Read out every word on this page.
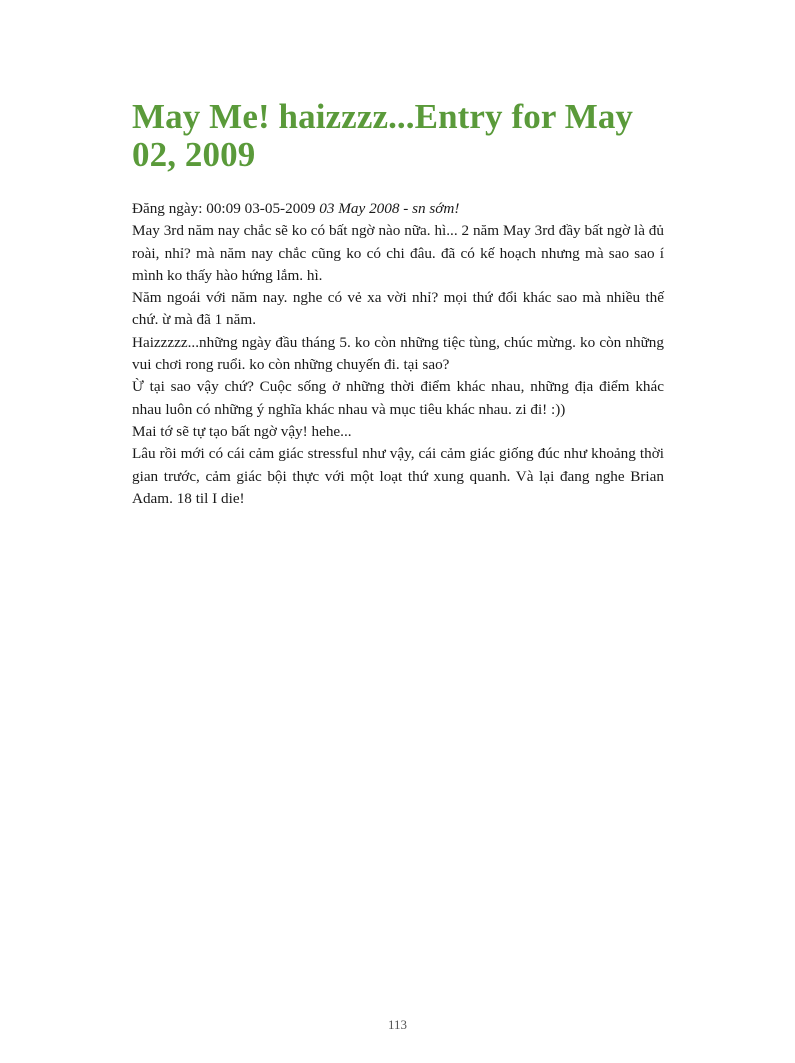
May Me! haizzzz...Entry for May 02, 2009

Đăng ngày: 00:09 03-05-2009 03 May 2008 - sn sớm!

May 3rd năm nay chắc sẽ ko có bất ngờ nào nữa. hì... 2 năm May 3rd đầy bất ngờ là đủ roài, nhỉ? mà năm nay chắc cũng ko có chi đâu. đã có kế hoạch nhưng mà sao sao í mình ko thấy hào hứng lắm. hì.

Năm ngoái với năm nay. nghe có vẻ xa vời nhỉ? mọi thứ đổi khác sao mà nhiều thế chứ. ừ mà đã 1 năm.

Haizzzzz...những ngày đầu tháng 5. ko còn những tiệc tùng, chúc mừng. ko còn những vui chơi rong ruổi. ko còn những chuyến đi. tại sao?

Ừ tại sao vậy chứ? Cuộc sống ở những thời điểm khác nhau, những địa điểm khác nhau luôn có những ý nghĩa khác nhau và mục tiêu khác nhau. zi đi! :))

Mai tớ sẽ tự tạo bất ngờ vậy! hehe...

Lâu rồi mới có cái cảm giác stressful như vậy, cái cảm giác giống đúc như khoảng thời gian trước, cảm giác bội thực với một loạt thứ xung quanh. Và lại đang nghe Brian Adam. 18 til I die!

113
